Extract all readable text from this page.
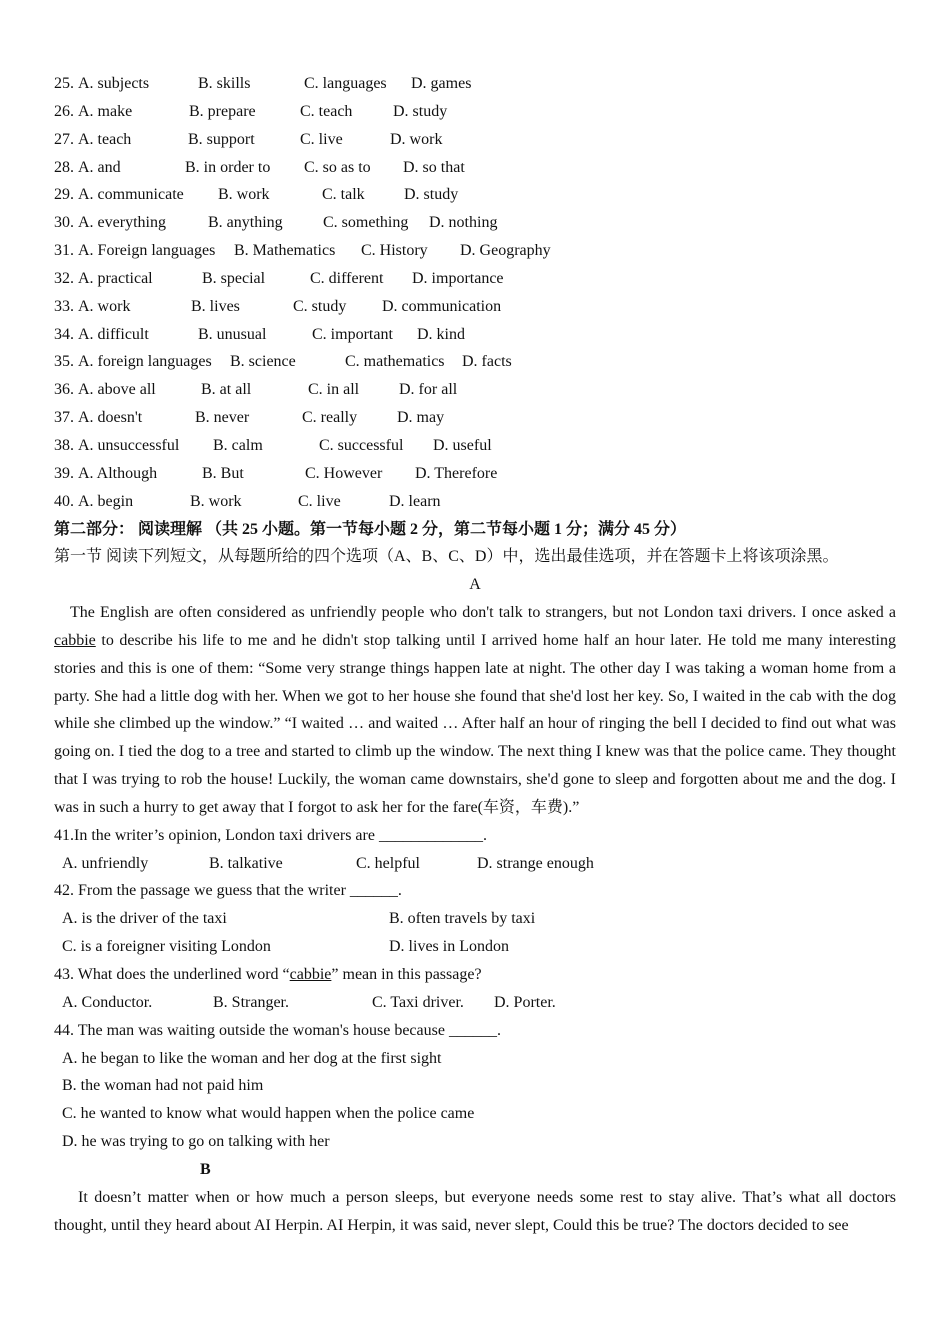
25. A. subjects	B. skills	C. languages D. games
26. A. make	B. prepare	C. teach	D. study
27. A. teach	B. support	C. live	D. work
28. A. and	B. in order to C. so as to D. so that
29. A. communicate B. work	C. talk D. study
30. A. everything	B. anything	C. something D. nothing
31. A. Foreign languages B. Mathematics C. History D. Geography
32. A. practical	B. special	C. different D. importance
33. A. work	B. lives	C. study D. communication
34. A. difficult	B. unusual	C. important D. kind
35. A. foreign languages B. science	C. mathematics D. facts
36. A. above all	B. at all	C. in all D. for all
37. A. doesn't	B. never	C. really D. may
38. A. unsuccessful B. calm	C. successful D. useful
39. A. Although	B. But	C. However D. Therefore
40. A. begin	B. work	C. live	D. learn
第二部分： 阅读理解 （共 25 小题。第一节每小题 2 分，第二节每小题 1 分；满分 45 分）
第一节 阅读下列短文，从每题所给的四个选项（A、B、C、D）中，选出最佳选项，并在答题卡上将该项涂黑。
A

The English are often considered as unfriendly people who don't talk to strangers, but not London taxi drivers. I once asked a cabbie to describe his life to me and he didn't stop talking until I arrived home half an hour later. He told me many interesting stories and this is one of them: “Some very strange things happen late at night. The other day I was taking a woman home from a party. She had a little dog with her. When we got to her house she found that she'd lost her key. So, I waited in the cab with the dog while she climbed up the window.” “I waited … and waited … After half an hour of ringing the bell I decided to find out what was going on. I tied the dog to a tree and started to climb up the window. The next thing I knew was that the police came. They thought that I was trying to rob the house! Luckily, the woman came downstairs, she'd gone to sleep and forgotten about me and the dog. I was in such a hurry to get away that I forgot to ask her for the fare(车资，车费).”

41.In the writer’s opinion, London taxi drivers are _____________.
A. unfriendly	B. talkative	C. helpful	D. strange enough
42. From the passage we guess that the writer ______.
A. is the driver of the taxi	B. often travels by taxi
C. is a foreigner visiting London	D. lives in London
43. What does the underlined word “cabbie” mean in this passage?
A. Conductor.	B. Stranger.	C. Taxi driver. D. Porter.
44. The man was waiting outside the woman's house because ______.
A. he began to like the woman and her dog at the first sight
B. the woman had not paid him
C. he wanted to know what would happen when the police came
D. he was trying to go on talking with her
B

It doesn’t matter when or how much a person sleeps, but everyone needs some rest to stay alive. That’s what all doctors thought, until they heard about AI Herpin. AI Herpin, it was said, never slept, Could this be true? The doctors decided to see
